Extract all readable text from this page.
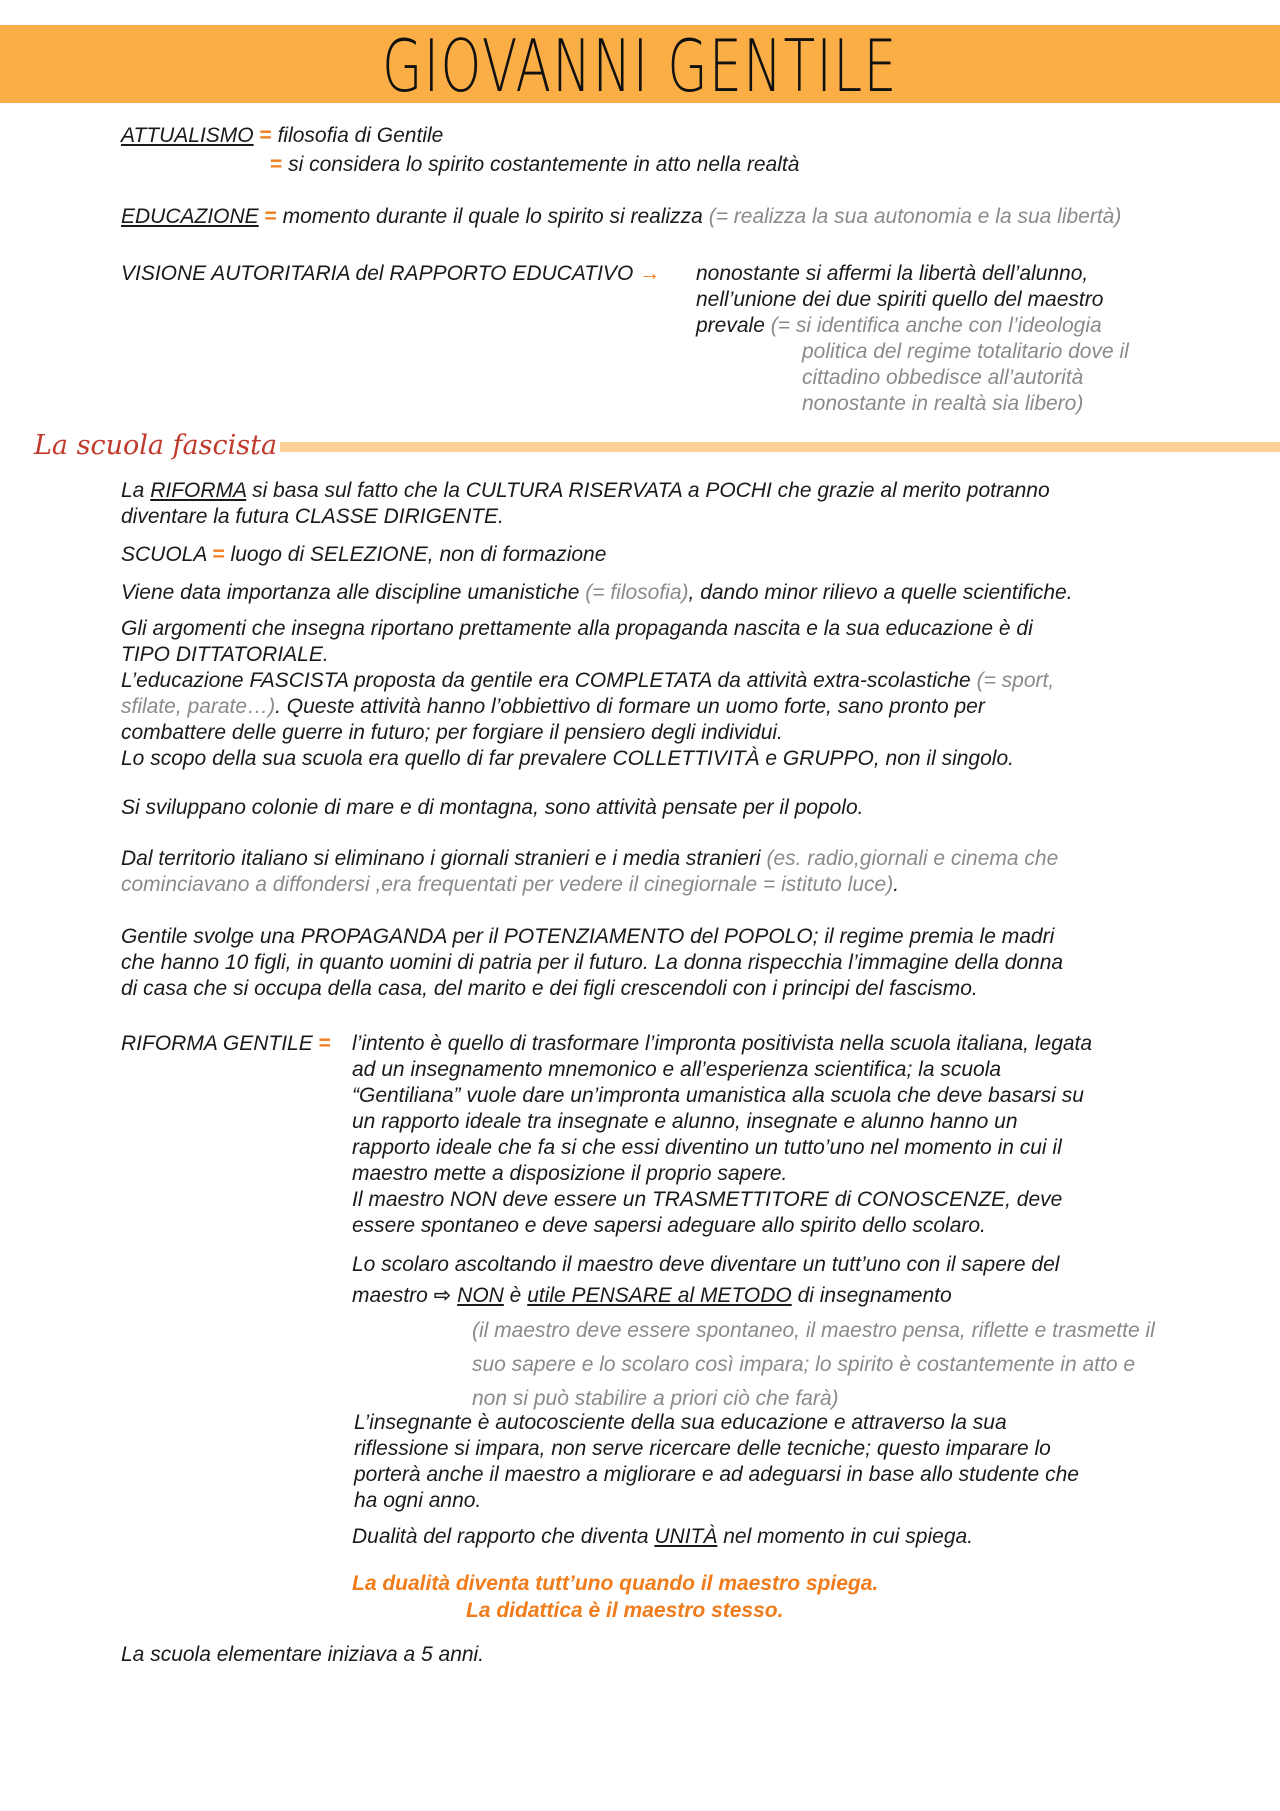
GIOVANNI GENTILE
ATTUALISMO = filosofia di Gentile
= si considera lo spirito costantemente in atto nella realtà
EDUCAZIONE = momento durante il quale lo spirito si realizza (= realizza la sua autonomia e la sua libertà)
VISIONE AUTORITARIA del RAPPORTO EDUCATIVO → nonostante si affermi la libertà dell’alunno,
nell’unione dei due spiriti quello del maestro
prevale (= si identifica anche con l’ideologia
politica del regime totalitario dove il
cittadino obbedisce all’autorità
nonostante in realtà sia libero)
La scuola fascista
La RIFORMA si basa sul fatto che la CULTURA RISERVATA a POCHI che grazie al merito potranno
diventare la futura CLASSE DIRIGENTE.
SCUOLA = luogo di SELEZIONE, non di formazione
Viene data importanza alle discipline umanistiche (= filosofia), dando minor rilievo a quelle scientifiche.
Gli argomenti che insegna riportano prettamente alla propaganda nascita e la sua educazione è di
TIPO DITTATORIALE.
L’educazione FASCISTA proposta da gentile era COMPLETATA da attività extra-scolastiche (= sport,
sfilate, parate…). Queste attività hanno l’obbiettivo di formare un uomo forte, sano pronto per
combattere delle guerre in futuro; per forgiare il pensiero degli individui.
Lo scopo della sua scuola era quello di far prevalere COLLETTIVITÀ e GRUPPO, non il singolo.
Si sviluppano colonie di mare e di montagna, sono attività pensate per il popolo.
Dal territorio italiano si eliminano i giornali stranieri e i media stranieri (es. radio,giornali e cinema che
cominciavano a diffondersi ,era frequentati per vedere il cinegiornale = istituto luce).
Gentile svolge una PROPAGANDA per il POTENZIAMENTO del POPOLO; il regime premia le madri
che hanno 10 figli, in quanto uomini di patria per il futuro. La donna rispecchia l’immagine della donna
di casa che si occupa della casa, del marito e dei figli crescendoli con i principi del fascismo.
RIFORMA GENTILE = l’intento è quello di trasformare l’impronta positivista nella scuola italiana, legata
ad un insegnamento mnemonico e all’esperienza scientifica; la scuola
“Gentiliana” vuole dare un’impronta umanistica alla scuola che deve basarsi su
un rapporto ideale tra insegnate e alunno, insegnate e alunno hanno un
rapporto ideale che fa si che essi diventino un tutto’uno nel momento in cui il
maestro mette a disposizione il proprio sapere.
Il maestro NON deve essere un TRASMETTITORE di CONOSCENZE, deve
essere spontaneo e deve sapersi adeguare allo spirito dello scolaro.
Lo scolaro ascoltando il maestro deve diventare un tutt’uno con il sapere del
maestro ⇨ NON è utile PENSARE al METODO di insegnamento
(il maestro deve essere spontaneo, il maestro pensa, riflette e trasmette il
suo sapere e lo scolaro così impara; lo spirito è costantemente in atto e
non si può stabilire a priori ciò che farà)
L’insegnante è autocosciente della sua educazione e attraverso la sua
riflessione si impara, non serve ricercare delle tecniche; questo imparare lo
porterà anche il maestro a migliorare e ad adeguarsi in base allo studente che
ha ogni anno.
Dualità del rapporto che diventa UNITÀ nel momento in cui spiega.
La dualità diventa tutt’uno quando il maestro spiega.
La didattica è il maestro stesso.
La scuola elementare iniziava a 5 anni.
